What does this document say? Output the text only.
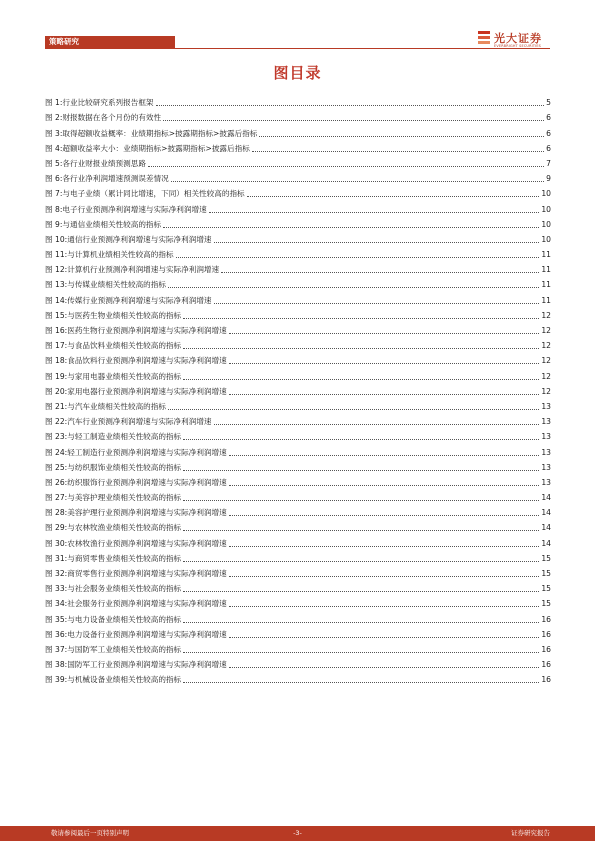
策略研究	光大证券
EVERBRIGHT SECURITIES
图目录
图 1: 行业比较研究系列报告框架	5
图 2: 财报数据在各个月份的有效性	6
图 3: 取得超额收益概率：业绩期指标>披露期指标>披露后指标	6
图 4: 超额收益率大小：业绩期指标>披露期指标>披露后指标	6
图 5: 各行业财报业绩预测思路	7
图 6: 各行业净利润增速预测误差情况	9
图 7: 与电子业绩（累计同比增速，下同）相关性较高的指标	10
图 8: 电子行业预测净利润增速与实际净利润增速	10
图 9: 与通信业绩相关性较高的指标	10
图 10: 通信行业预测净利润增速与实际净利润增速	10
图 11: 与计算机业绩相关性较高的指标	11
图 12: 计算机行业预测净利润增速与实际净利润增速	11
图 13: 与传媒业绩相关性较高的指标	11
图 14: 传媒行业预测净利润增速与实际净利润增速	11
图 15: 与医药生物业绩相关性较高的指标	12
图 16: 医药生物行业预测净利润增速与实际净利润增速	12
图 17: 与食品饮料业绩相关性较高的指标	12
图 18: 食品饮料行业预测净利润增速与实际净利润增速	12
图 19: 与家用电器业绩相关性较高的指标	12
图 20: 家用电器行业预测净利润增速与实际净利润增速	12
图 21: 与汽车业绩相关性较高的指标	13
图 22: 汽车行业预测净利润增速与实际净利润增速	13
图 23: 与轻工制造业绩相关性较高的指标	13
图 24: 轻工制造行业预测净利润增速与实际净利润增速	13
图 25: 与纺织服饰业绩相关性较高的指标	13
图 26: 纺织服饰行业预测净利润增速与实际净利润增速	13
图 27: 与美容护理业绩相关性较高的指标	14
图 28: 美容护理行业预测净利润增速与实际净利润增速	14
图 29: 与农林牧渔业绩相关性较高的指标	14
图 30: 农林牧渔行业预测净利润增速与实际净利润增速	14
图 31: 与商贸零售业绩相关性较高的指标	15
图 32: 商贸零售行业预测净利润增速与实际净利润增速	15
图 33: 与社会服务业绩相关性较高的指标	15
图 34: 社会服务行业预测净利润增速与实际净利润增速	15
图 35: 与电力设备业绩相关性较高的指标	16
图 36: 电力设备行业预测净利润增速与实际净利润增速	16
图 37: 与国防军工业绩相关性较高的指标	16
图 38: 国防军工行业预测净利润增速与实际净利润增速	16
图 39: 与机械设备业绩相关性较高的指标	16
敬请参阅最后一页特别声明	-3-	证券研究报告
